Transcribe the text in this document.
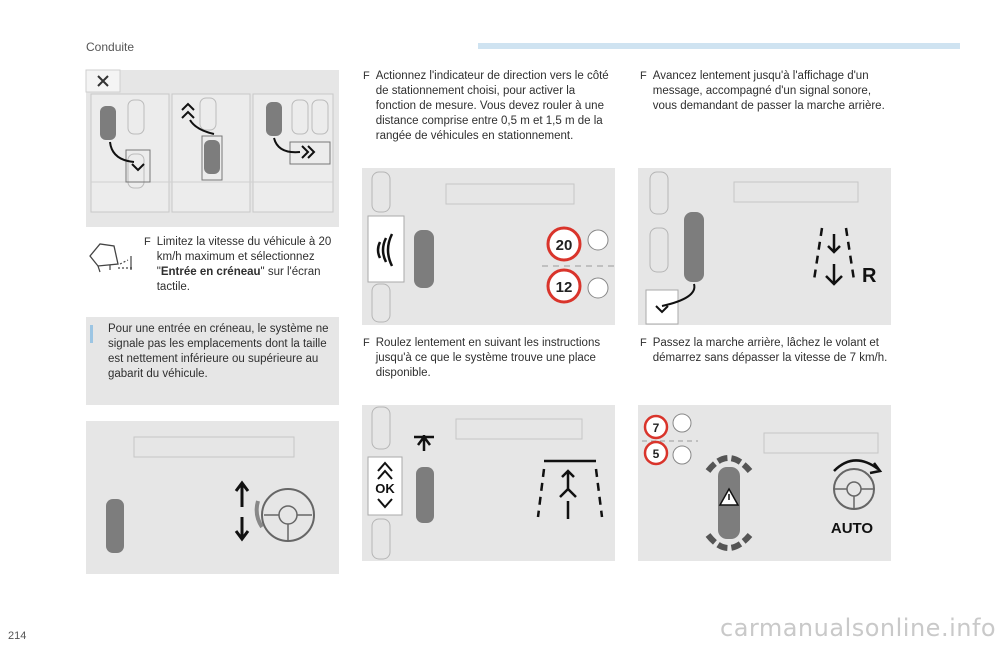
Conduite
F Limitez la vitesse du véhicule à 20 km/h maximum et sélectionnez "Entrée en créneau" sur l'écran tactile.
Pour une entrée en créneau, le système ne signale pas les emplacements dont la taille est nettement inférieure ou supérieure au gabarit du véhicule.
F Actionnez l'indicateur de direction vers le côté de stationnement choisi, pour activer la fonction de mesure. Vous devez rouler à une distance comprise entre 0,5 m et 1,5 m de la rangée de véhicules en stationnement.
20
12
F Roulez lentement en suivant les instructions jusqu'à ce que le système trouve une place disponible.
OK
F Avancez lentement jusqu'à l'affichage d'un message, accompagné d'un signal sonore, vous demandant de passer la marche arrière.
R
F Passez la marche arrière, lâchez le volant et démarrez sans dépasser la vitesse de 7 km/h.
7
5
AUTO
214	carmanualsonline.info
